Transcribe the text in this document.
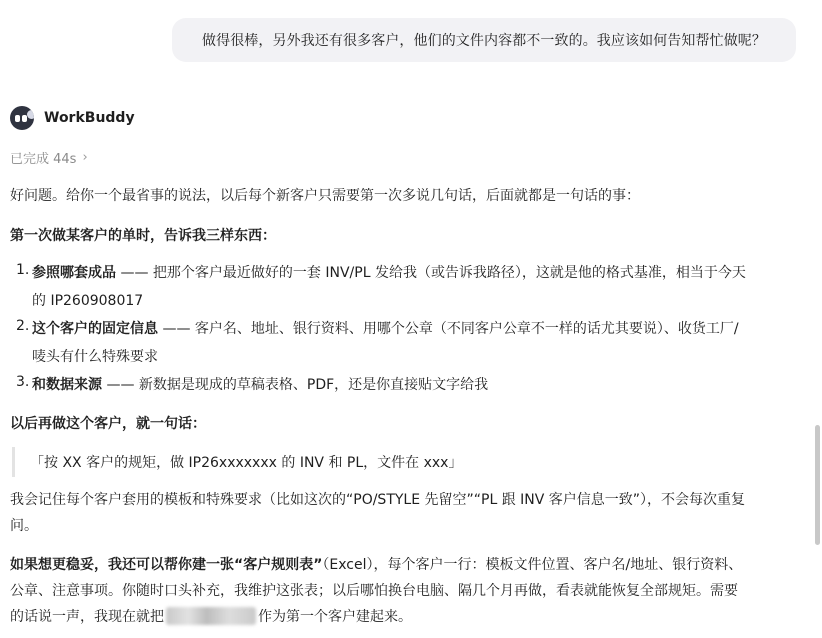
做得很棒，另外我还有很多客户，他们的文件内容都不一致的。我应该如何告知帮忙做呢？
WorkBuddy
已完成 44s ›
好问题。给你一个最省事的说法，以后每个新客户只需要第一次多说几句话，后面就都是一句话的事：
第一次做某客户的单时，告诉我三样东西：
1. 参照哪套成品 —— 把那个客户最近做好的一套 INV/PL 发给我（或告诉我路径），这就是他的格式基准，相当于今天
的 IP260908017
2. 这个客户的固定信息 —— 客户名、地址、银行资料、用哪个公章（不同客户公章不一样的话尤其要说）、收货工厂/
唛头有什么特殊要求
3. 和数据来源 —— 新数据是现成的草稿表格、PDF，还是你直接贴文字给我
以后再做这个客户，就一句话：
「按 XX 客户的规矩，做 IP26xxxxxxx 的 INV 和 PL，文件在 xxx」
我会记住每个客户套用的模板和特殊要求（比如这次的“PO/STYLE 先留空”“PL 跟 INV 客户信息一致”），不会每次重复
问。
如果想更稳妥，我还可以帮你建一张“客户规则表”（Excel），每个客户一行：模板文件位置、客户名/地址、银行资料、
公章、注意事项。你随时口头补充，我维护这张表；以后哪怕换台电脑、隔几个月再做，看表就能恢复全部规矩。需要
的话说一声，我现在就把	作为第一个客户建起来。
